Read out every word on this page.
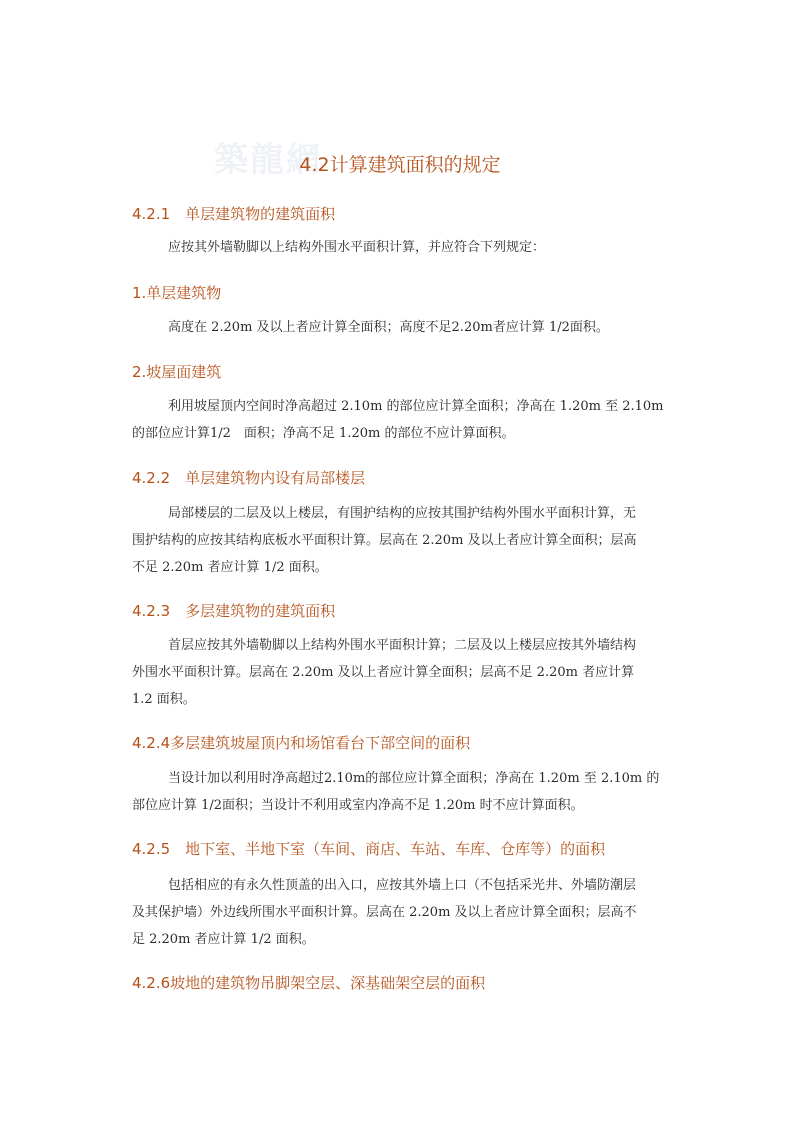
築龍網
4.2计算建筑面积的规定
4.2.1　单层建筑物的建筑面积

应按其外墙勒脚以上结构外围水平面积计算，并应符合下列规定：

1.单层建筑物

高度在 2.20m 及以上者应计算全面积；高度不足2.20m者应计算 1/2面积。

2.坡屋面建筑

利用坡屋顶内空间时净高超过 2.10m 的部位应计算全面积；净高在 1.20m 至 2.10m
的部位应计算1/2　面积；净高不足 1.20m 的部位不应计算面积。

4.2.2　单层建筑物内设有局部楼层

局部楼层的二层及以上楼层，有围护结构的应按其围护结构外围水平面积计算，无
围护结构的应按其结构底板水平面积计算。层高在 2.20m 及以上者应计算全面积；层高
不足 2.20m 者应计算 1/2 面积。

4.2.3　多层建筑物的建筑面积

首层应按其外墙勒脚以上结构外围水平面积计算；二层及以上楼层应按其外墙结构
外围水平面积计算。层高在 2.20m 及以上者应计算全面积；层高不足 2.20m 者应计算
1.2 面积。

4.2.4多层建筑坡屋顶内和场馆看台下部空间的面积

当设计加以利用时净高超过2.10m的部位应计算全面积；净高在 1.20m 至 2.10m 的
部位应计算 1/2面积；当设计不利用或室内净高不足 1.20m 时不应计算面积。

4.2.5　地下室、半地下室（车间、商店、车站、车库、仓库等）的面积

包括相应的有永久性顶盖的出入口，应按其外墙上口（不包括采光井、外墙防潮层
及其保护墙）外边线所围水平面积计算。层高在 2.20m 及以上者应计算全面积；层高不
足 2.20m 者应计算 1/2 面积。

4.2.6坡地的建筑物吊脚架空层、深基础架空层的面积
